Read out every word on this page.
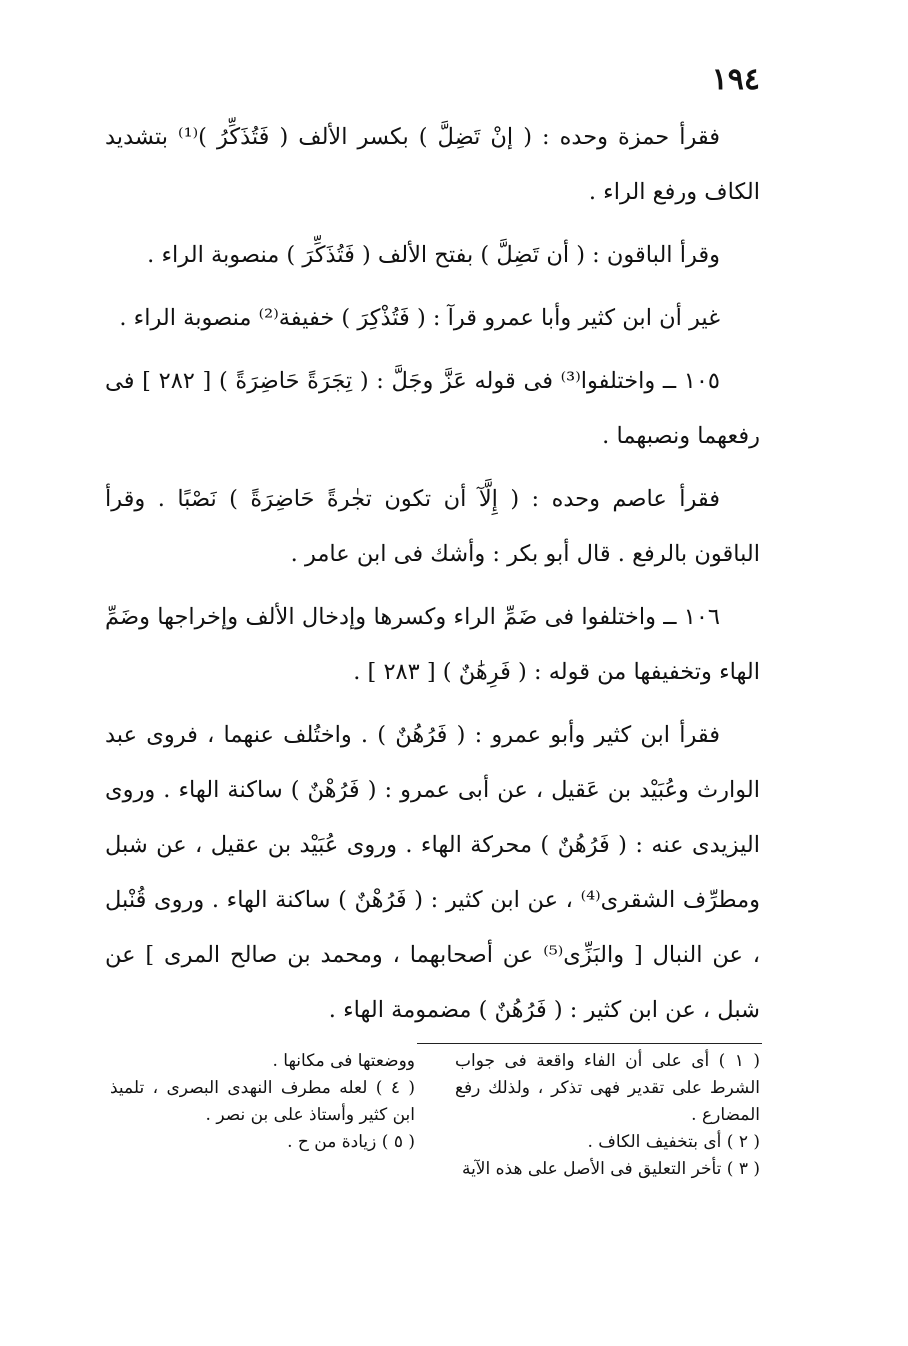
١٩٤

فقرأ حمزة وحده : ( إنْ تَضِلَّ ) بكسر الألف ( فَتُذَكِّرُ )⁽¹⁾ بتشديد الكاف ورفع الراء .

وقرأ الباقون : ( أن تَضِلَّ ) بفتح الألف ( فَتُذَكِّرَ ) منصوبة الراء .

غير أن ابن كثير وأبا عمرو قرآ : ( فَتُذْكِرَ ) خفيفة⁽²⁾ منصوبة الراء .

١٠٥ ــ واختلفوا⁽³⁾ فى قوله عَزَّ وجَلَّ : ( تِجَرَةً حَاضِرَةً ) [ ٢٨٢ ] فى رفعهما ونصبهما .

فقرأ عاصم وحده : ( إِلَّآ أن تكون تجٰرةً حَاضِرَةً ) نَصْبًا . وقرأ الباقون بالرفع . قال أبو بكر : وأشك فى ابن عامر .

١٠٦ ــ واختلفوا فى ضَمِّ الراء وكسرها وإدخال الألف وإخراجها وضَمِّ الهاء وتخفيفها من قوله : ( فَرِهَٰنٌ ) [ ٢٨٣ ] .

فقرأ ابن كثير وأبو عمرو : ( فَرُهُنٌ ) . واختُلف عنهما ، فروى عبد الوارث وعُبَيْد بن عَقيل ، عن أبى عمرو : ( فَرُهْنٌ ) ساكنة الهاء . وروى اليزيدى عنه : ( فَرُهُنٌ ) محركة الهاء . وروى عُبَيْد بن عقيل ، عن شبل ومطرِّف الشقرى⁽⁴⁾ ، عن ابن كثير : ( فَرُهْنٌ ) ساكنة الهاء . وروى قُنْبل ، عن النبال [ والبَزِّى⁽⁵⁾ عن أصحابهما ، ومحمد بن صالح المرى ] عن شبل ، عن ابن كثير : ( فَرُهُنٌ ) مضمومة الهاء .

( ١ ) أى على أن الفاء واقعة فى جواب الشرط على تقدير فهى تذكر ، ولذلك رفع المضارع .

( ٢ ) أى بتخفيف الكاف .

( ٣ ) تأخر التعليق فى الأصل على هذه الآية

ووضعتها فى مكانها .

( ٤ ) لعله مطرف النهدى البصرى ، تلميذ ابن كثير وأستاذ على بن نصر .

( ٥ ) زيادة من ح .
